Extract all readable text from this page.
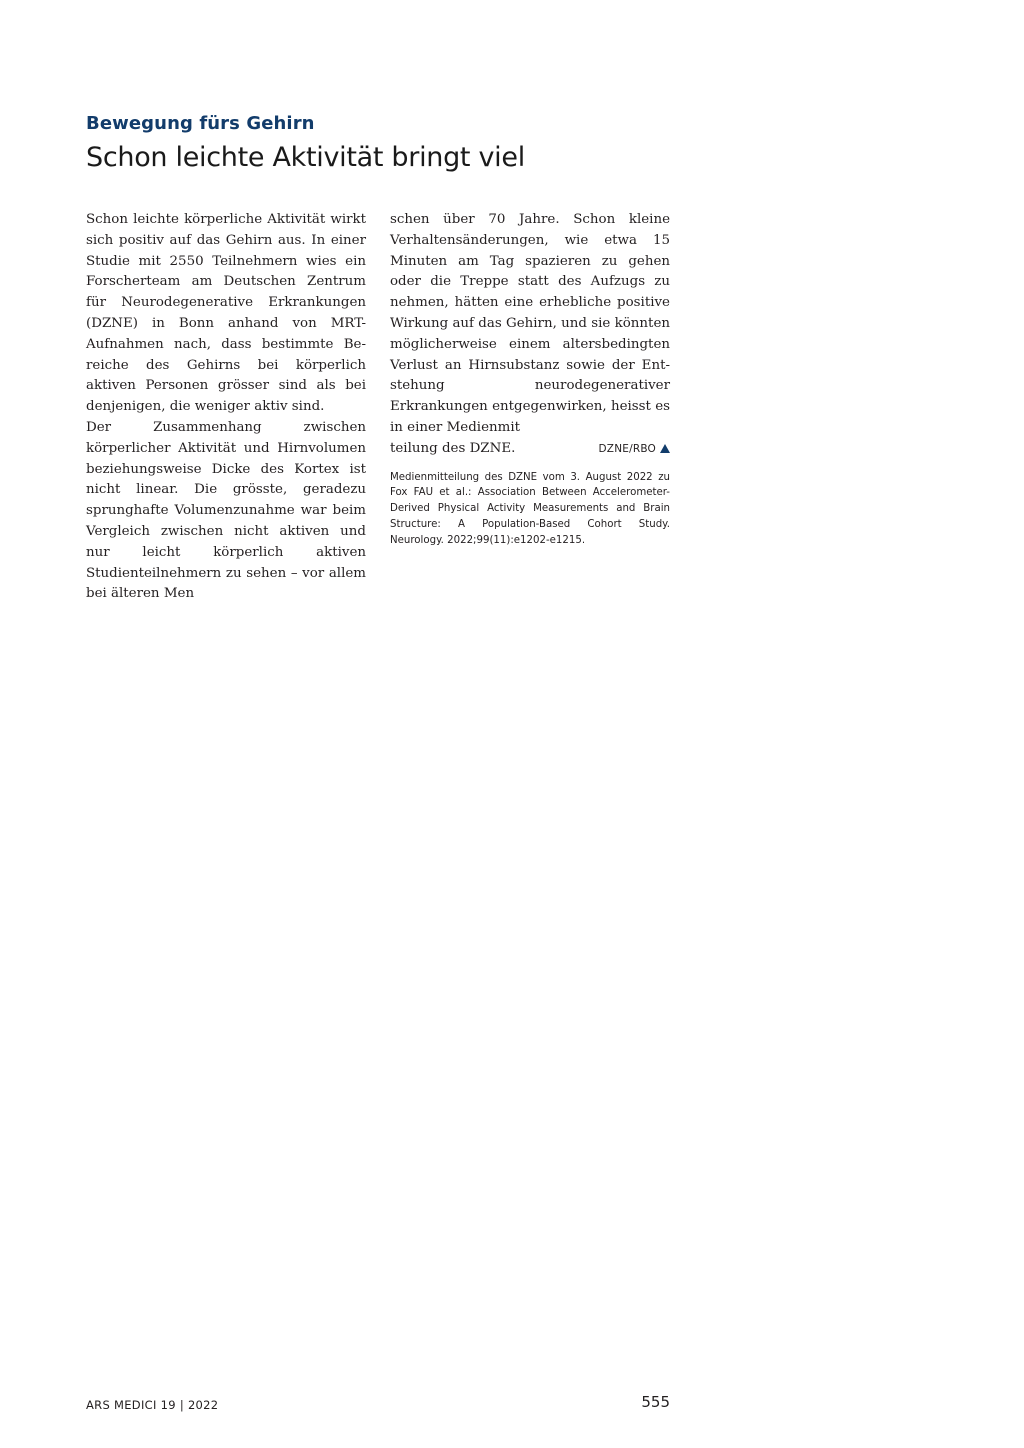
Bewegung fürs Gehirn
Schon leichte Aktivität bringt viel

Schon leichte körperliche Aktivität wirkt sich positiv auf das Gehirn aus. In einer Studie mit 2550 Teilnehmern wies ein Forscherteam am Deutschen Zentrum für Neurodegenerative Erkrankungen (DZNE) in Bonn anhand von MRT-Aufnahmen nach, dass bestimmte Bereiche des Gehirns bei körperlich aktiven Personen grösser sind als bei denjenigen, die weniger aktiv sind.

Der Zusammenhang zwischen körperlicher Aktivität und Hirnvolumen beziehungsweise Dicke des Kortex ist nicht linear. Die grösste, geradezu sprunghafte Volumenzunahme war beim Vergleich zwischen nicht aktiven und nur leicht körperlich aktiven Studienteilnehmern zu sehen – vor allem bei älteren Men

schen über 70 Jahre. Schon kleine Verhaltensänderungen, wie etwa 15 Minuten am Tag spazieren zu gehen oder die Treppe statt des Aufzugs zu nehmen, hätten eine erhebliche positive Wirkung auf das Gehirn, und sie könnten möglicherweise einem altersbedingten Verlust an Hirnsubstanz sowie der Entstehung neurodegenerativer Erkrankungen entgegenwirken, heisst es in einer Medienmit

teilung des DZNE.	DZNE/RBO

Medienmitteilung des DZNE vom 3. August 2022 zu Fox FAU et al.: Association Between Accelerometer-Derived Physical Activity Measurements and Brain Structure: A Population-Based Cohort Study. Neurology. 2022;99(11):e1202-e1215.
ARS MEDICI 19 | 2022	555
